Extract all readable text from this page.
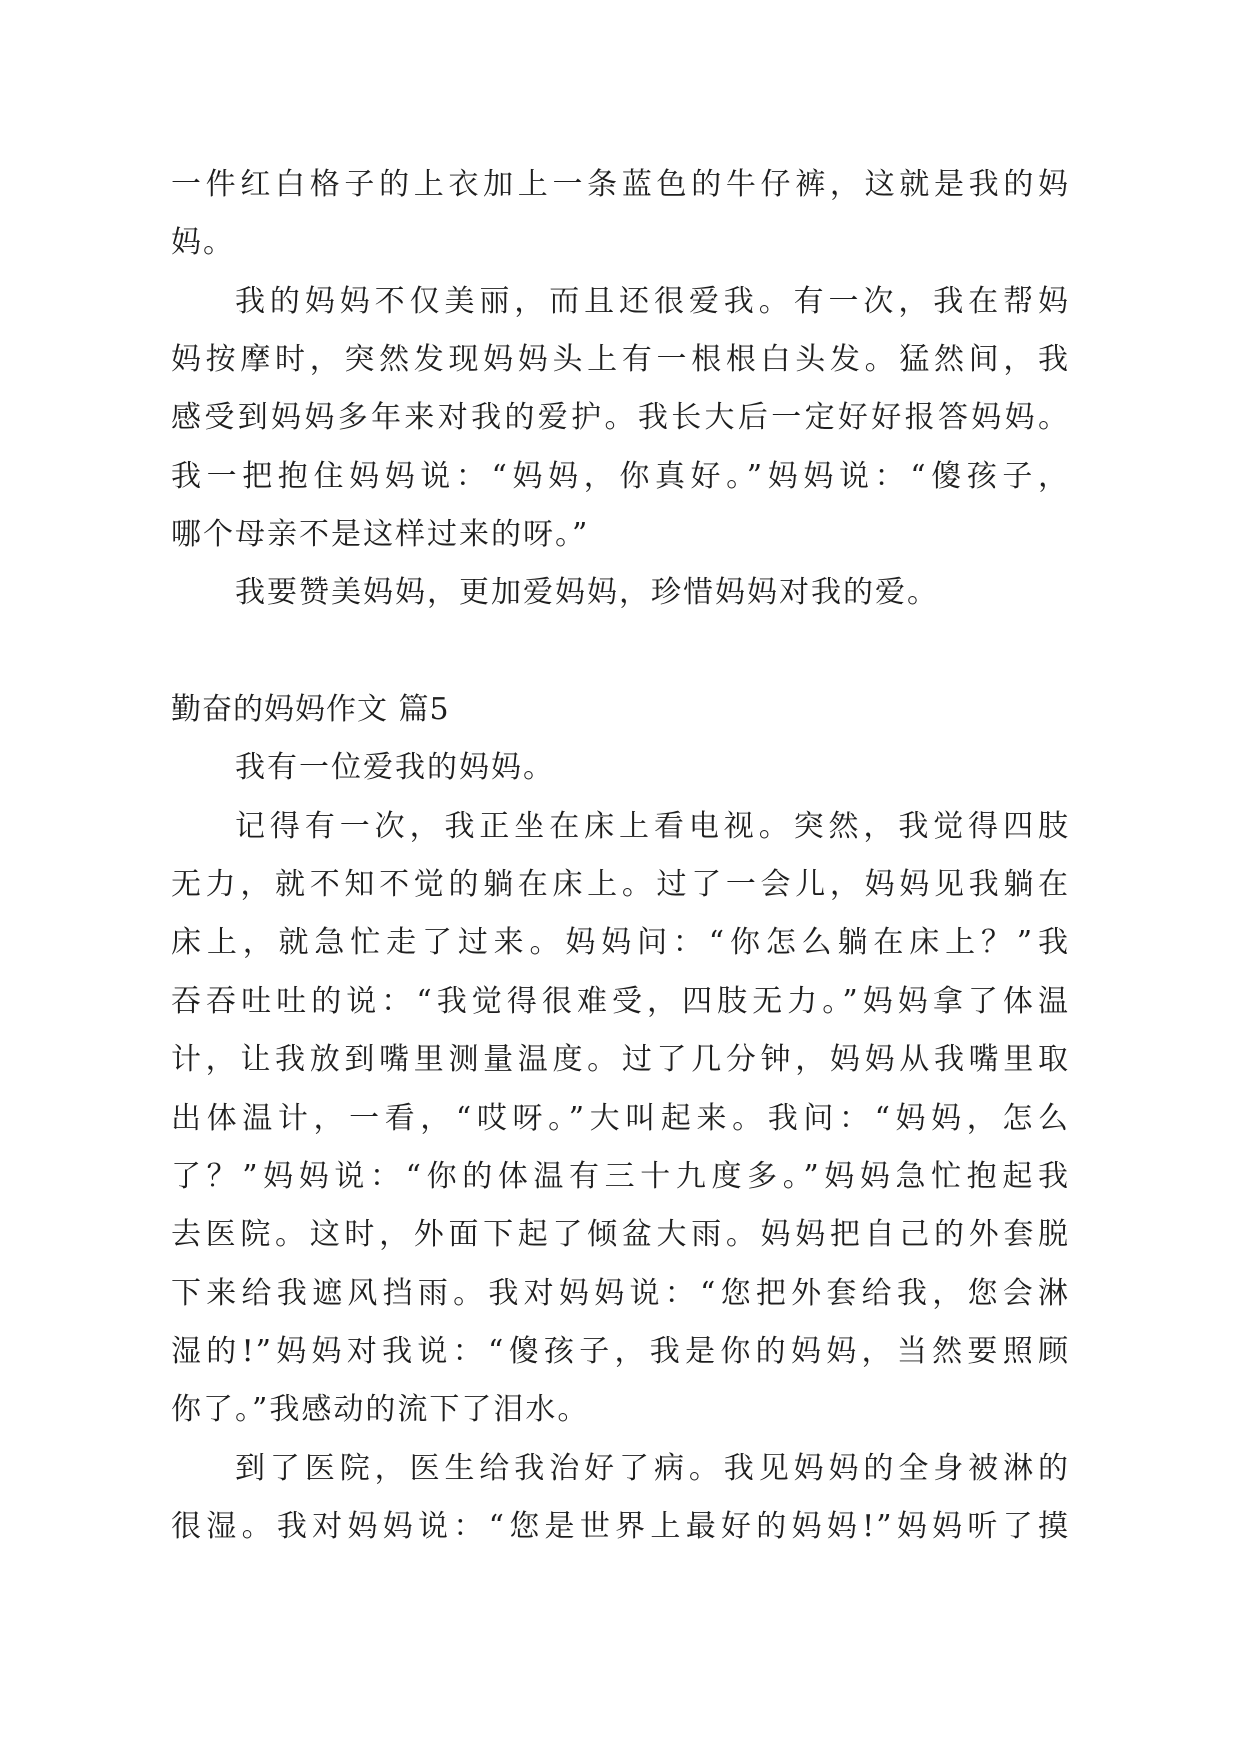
一件红白格子的上衣加上一条蓝色的牛仔裤，这就是我的妈
妈。
我的妈妈不仅美丽，而且还很爱我。有一次，我在帮妈
妈按摩时，突然发现妈妈头上有一根根白头发。猛然间，我
感受到妈妈多年来对我的爱护。我长大后一定好好报答妈妈。
我一把抱住妈妈说：“妈妈，你真好。”妈妈说：“傻孩子，
哪个母亲不是这样过来的呀。”
我要赞美妈妈，更加爱妈妈，珍惜妈妈对我的爱。
勤奋的妈妈作文 篇5
我有一位爱我的妈妈。
记得有一次，我正坐在床上看电视。突然，我觉得四肢
无力，就不知不觉的躺在床上。过了一会儿，妈妈见我躺在
床上，就急忙走了过来。妈妈问：“你怎么躺在床上？”我
吞吞吐吐的说：“我觉得很难受，四肢无力。”妈妈拿了体温
计，让我放到嘴里测量温度。过了几分钟，妈妈从我嘴里取
出体温计，一看，“哎呀。”大叫起来。我问：“妈妈，怎么
了？”妈妈说：“你的体温有三十九度多。”妈妈急忙抱起我
去医院。这时，外面下起了倾盆大雨。妈妈把自己的外套脱
下来给我遮风挡雨。我对妈妈说：“您把外套给我，您会淋
湿的!”妈妈对我说：“傻孩子，我是你的妈妈，当然要照顾
你了。”我感动的流下了泪水。
到了医院，医生给我治好了病。我见妈妈的全身被淋的
很湿。我对妈妈说：“您是世界上最好的妈妈!”妈妈听了摸
